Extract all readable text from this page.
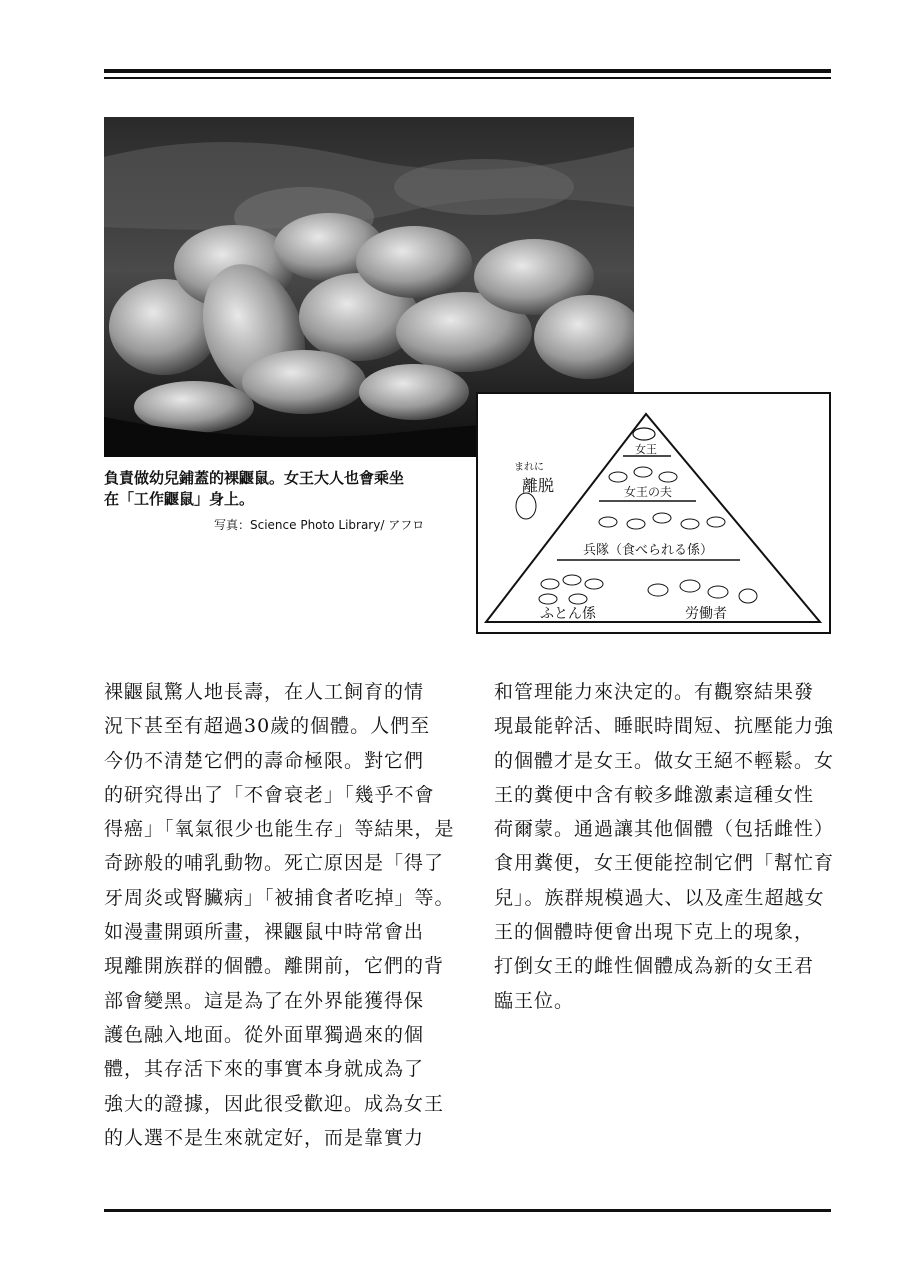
負責做幼兒鋪蓋的裸鼴鼠。女王大人也會乘坐
在「工作鼴鼠」身上。
写真：Science Photo Library/ アフロ
女王
女王の夫
兵隊（食べられる係）
ふとん係	労働者
まれに
離脱

裸鼴鼠驚人地長壽，在人工飼育的情

況下甚至有超過30歲的個體。人們至

今仍不清楚它們的壽命極限。對它們

的研究得出了「不會衰老」「幾乎不會

得癌」「氧氣很少也能生存」等結果，是

奇跡般的哺乳動物。死亡原因是「得了

牙周炎或腎臟病」「被捕食者吃掉」等。

如漫畫開頭所畫，裸鼴鼠中時常會出

現離開族群的個體。離開前，它們的背

部會變黑。這是為了在外界能獲得保

護色融入地面。從外面單獨過來的個

體，其存活下來的事實本身就成為了

強大的證據，因此很受歡迎。成為女王

的人選不是生來就定好，而是靠實力

和管理能力來決定的。有觀察結果發

現最能幹活、睡眠時間短、抗壓能力強

的個體才是女王。做女王絕不輕鬆。女

王的糞便中含有較多雌激素這種女性

荷爾蒙。通過讓其他個體（包括雌性）

食用糞便，女王便能控制它們「幫忙育

兒」。族群規模過大、以及產生超越女

王的個體時便會出現下克上的現象，

打倒女王的雌性個體成為新的女王君

臨王位。
